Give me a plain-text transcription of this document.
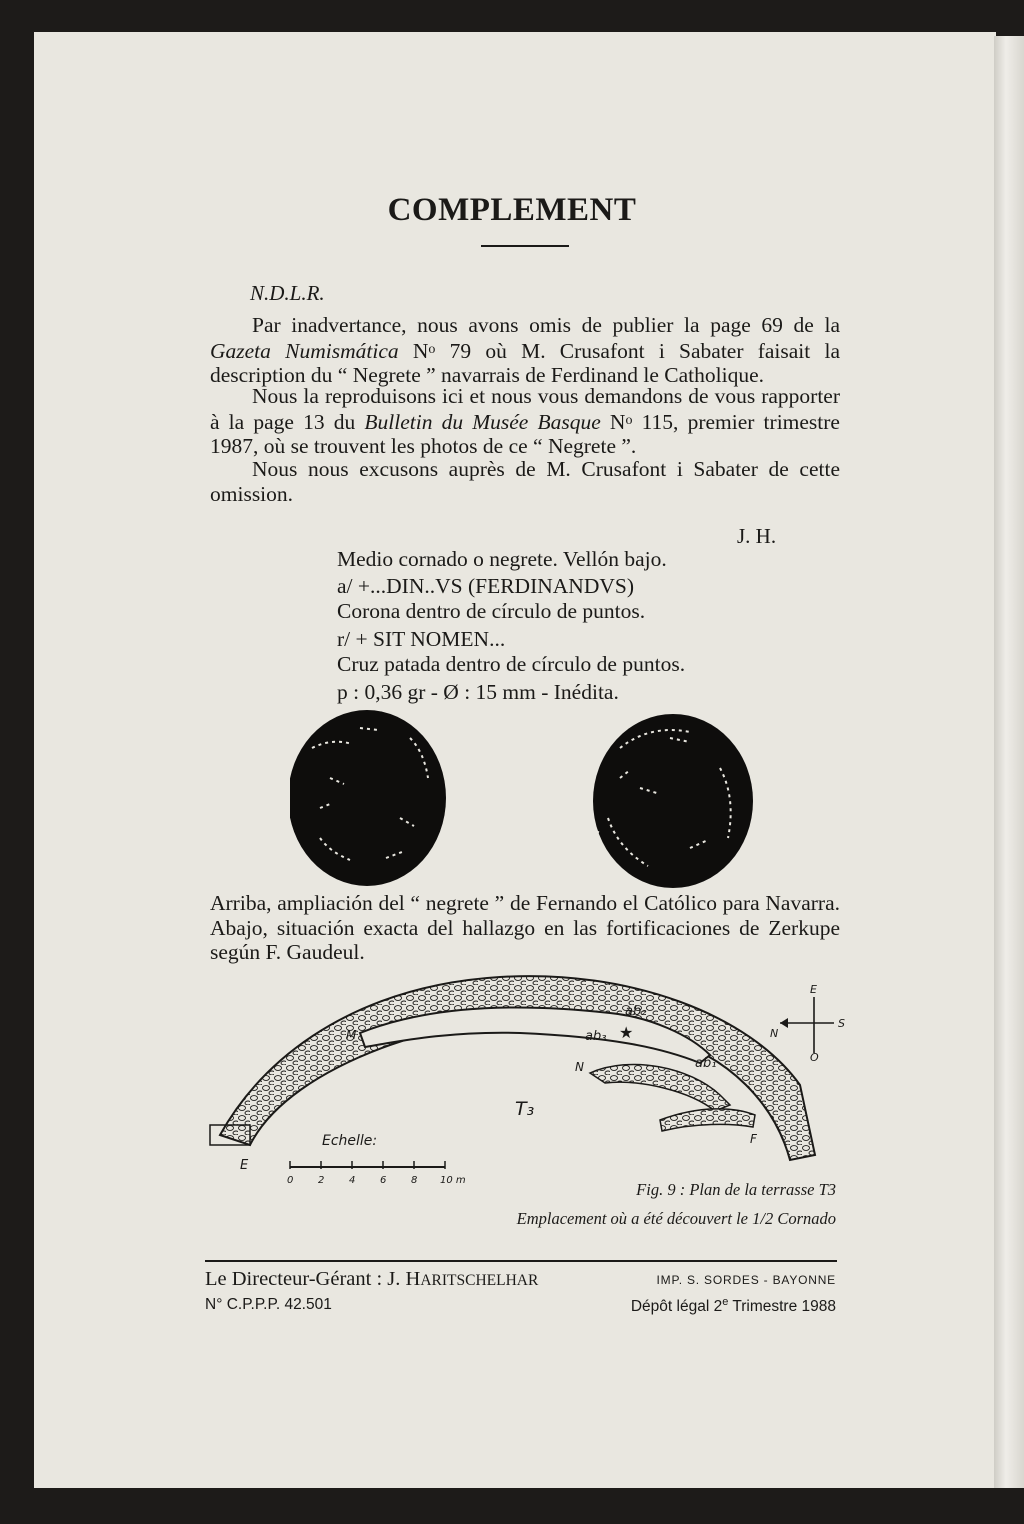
COMPLEMENT

N.D.L.R.

Par inadvertance, nous avons omis de publier la page 69 de la Gazeta Numismática $N^o$ 79 où M. Crusafont i Sabater faisait la description du “ Negrete ” navarrais de Ferdinand le Catholique.

Nous la reproduisons ici et nous vous demandons de vous rapporter à la page 13 du Bulletin du Musée Basque $N^o$ 115, premier trimestre 1987, où se trouvent les photos de ce “ Negrete ”.

Nous nous excusons auprès de M. Crusafont i Sabater de cette omission.

J. H.

Medio cornado o negrete. Vellón bajo.

a/ +...DIN..VS (FERDINANDVS)

Corona dentro de círculo de puntos.

r/ + SIT NOMEN...

Cruz patada dentro de círculo de puntos.

p : 0,36 gr - Ø : 15 mm - Inédita.

Arriba, ampliación del “ negrete ” de Fernando el Católico para Navarra. Abajo, situación exacta del hallazgo en las fortificaciones de Zerkupe según F. Gaudeul.

★
ab₂
ab₃
ab₁
M
N
E
F
T₃
E
S
N
O
Echelle:
0 2 4 6 8 10 m	Fig. 9 : Plan de la terrasse T3

Emplacement où a été découvert le 1/2 Cornado

Le Directeur-Gérant : J. HARITSCHELHAR	IMP. S. SORDES - BAYONNE

N° C.P.P.P. 42.501	Dépôt légal 2e Trimestre 1988
